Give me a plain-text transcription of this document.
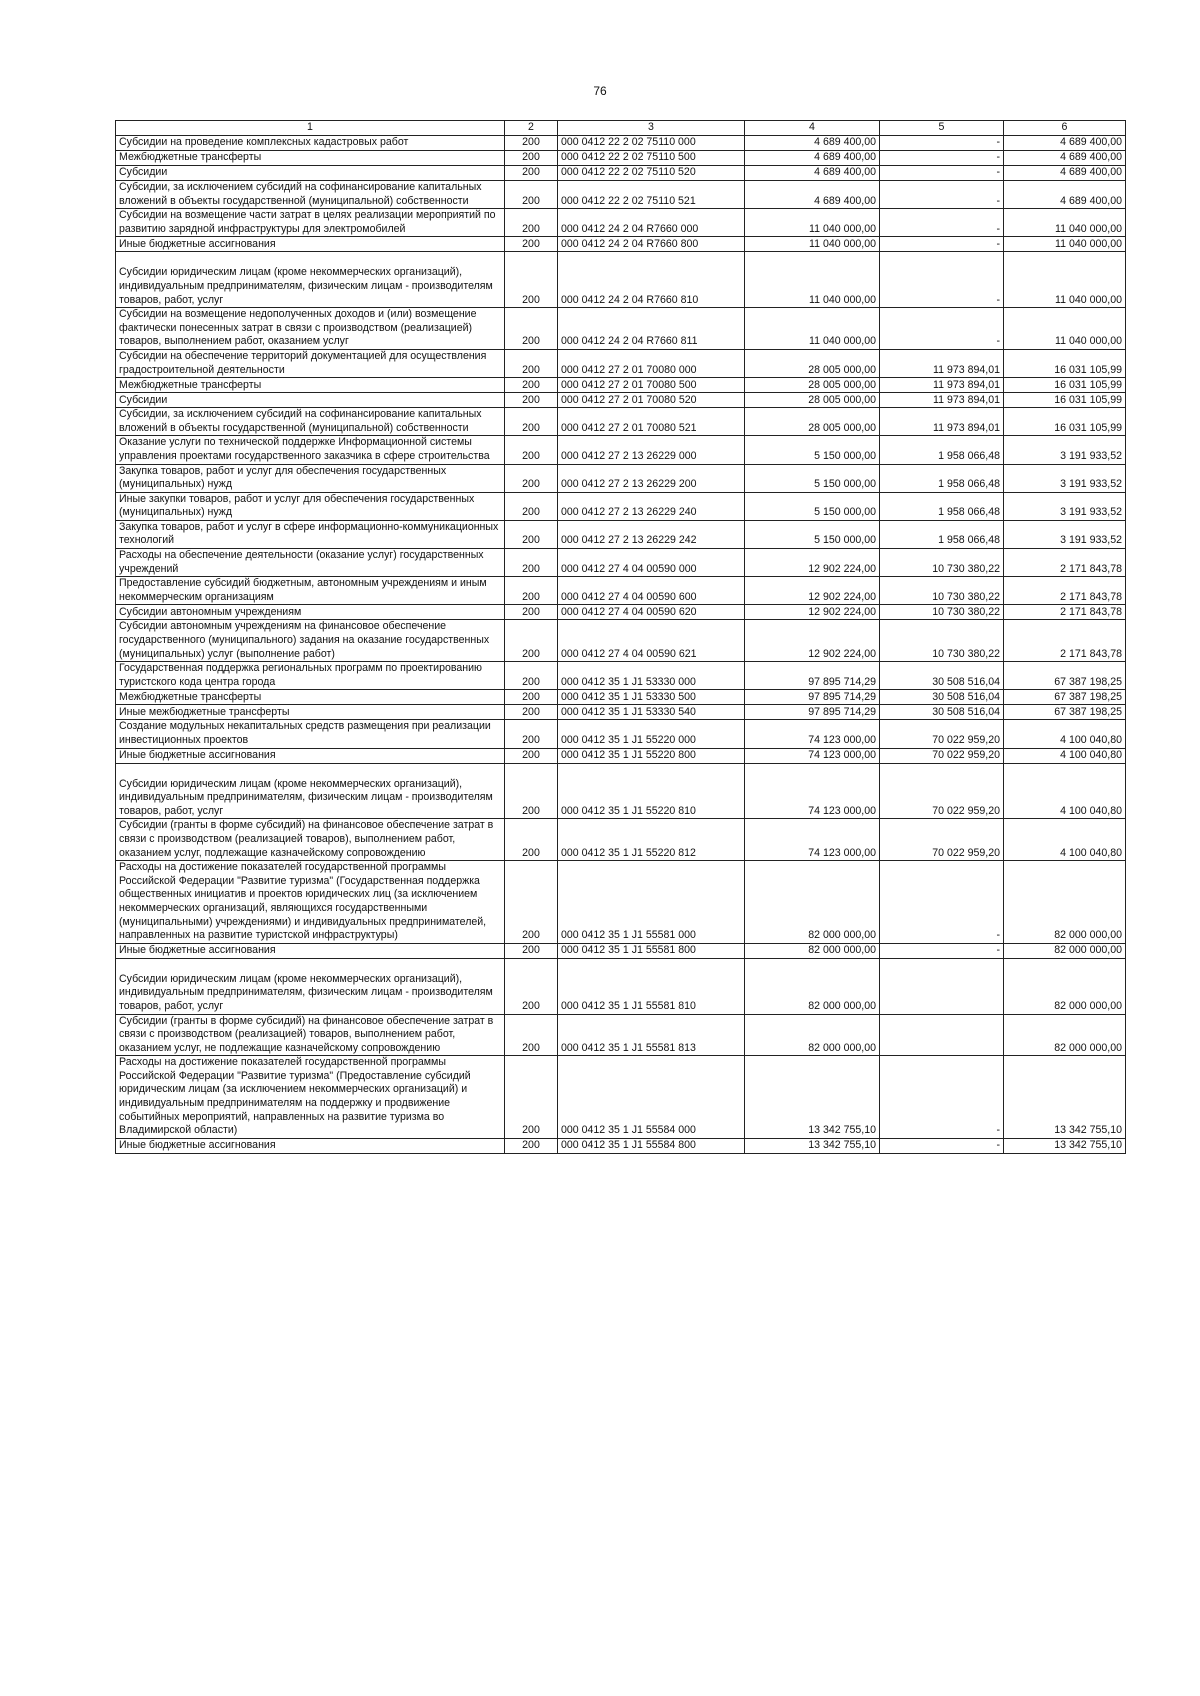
76
1	2	3	4	5	6
Субсидии на проведение комплексных кадастровых работ	200	000 0412 22 2 02 75110 000	4 689 400,00	-	4 689 400,00
Межбюджетные трансферты	200	000 0412 22 2 02 75110 500	4 689 400,00	-	4 689 400,00
Субсидии	200	000 0412 22 2 02 75110 520	4 689 400,00	-	4 689 400,00
Субсидии, за исключением субсидий на софинансирование капитальных вложений в объекты государственной (муниципальной) собственности	200	000 0412 22 2 02 75110 521	4 689 400,00	-	4 689 400,00
Субсидии на возмещение части затрат в целях реализации мероприятий по развитию зарядной инфраструктуры для электромобилей	200	000 0412 24 2 04 R7660 000	11 040 000,00	-	11 040 000,00
Иные бюджетные ассигнования	200	000 0412 24 2 04 R7660 800	11 040 000,00	-	11 040 000,00
Субсидии юридическим лицам (кроме некоммерческих организаций), индивидуальным предпринимателям, физическим лицам - производителям товаров, работ, услуг	200	000 0412 24 2 04 R7660 810	11 040 000,00	-	11 040 000,00
Субсидии на возмещение недополученных доходов и (или) возмещение фактически понесенных затрат в связи с производством (реализацией) товаров, выполнением работ, оказанием услуг	200	000 0412 24 2 04 R7660 811	11 040 000,00	-	11 040 000,00
Субсидии на обеспечение территорий документацией для осуществления градостроительной деятельности	200	000 0412 27 2 01 70080 000	28 005 000,00	11 973 894,01	16 031 105,99
Межбюджетные трансферты	200	000 0412 27 2 01 70080 500	28 005 000,00	11 973 894,01	16 031 105,99
Субсидии	200	000 0412 27 2 01 70080 520	28 005 000,00	11 973 894,01	16 031 105,99
Субсидии, за исключением субсидий на софинансирование капитальных вложений в объекты государственной (муниципальной) собственности	200	000 0412 27 2 01 70080 521	28 005 000,00	11 973 894,01	16 031 105,99
Оказание услуги по технической поддержке Информационной системы управления проектами государственного заказчика в сфере строительства	200	000 0412 27 2 13 26229 000	5 150 000,00	1 958 066,48	3 191 933,52
Закупка товаров, работ и услуг для обеспечения государственных (муниципальных) нужд	200	000 0412 27 2 13 26229 200	5 150 000,00	1 958 066,48	3 191 933,52
Иные закупки товаров, работ и услуг для обеспечения государственных (муниципальных) нужд	200	000 0412 27 2 13 26229 240	5 150 000,00	1 958 066,48	3 191 933,52
Закупка товаров, работ и услуг в сфере информационно-коммуникационных технологий	200	000 0412 27 2 13 26229 242	5 150 000,00	1 958 066,48	3 191 933,52
Расходы на обеспечение деятельности (оказание услуг) государственных учреждений	200	000 0412 27 4 04 00590 000	12 902 224,00	10 730 380,22	2 171 843,78
Предоставление субсидий бюджетным, автономным учреждениям и иным некоммерческим организациям	200	000 0412 27 4 04 00590 600	12 902 224,00	10 730 380,22	2 171 843,78
Субсидии автономным учреждениям	200	000 0412 27 4 04 00590 620	12 902 224,00	10 730 380,22	2 171 843,78
Субсидии автономным учреждениям на финансовое обеспечение государственного (муниципального) задания на оказание государственных (муниципальных) услуг (выполнение работ)	200	000 0412 27 4 04 00590 621	12 902 224,00	10 730 380,22	2 171 843,78
Государственная поддержка региональных программ по проектированию туристского кода центра города	200	000 0412 35 1 J1 53330 000	97 895 714,29	30 508 516,04	67 387 198,25
Межбюджетные трансферты	200	000 0412 35 1 J1 53330 500	97 895 714,29	30 508 516,04	67 387 198,25
Иные межбюджетные трансферты	200	000 0412 35 1 J1 53330 540	97 895 714,29	30 508 516,04	67 387 198,25
Создание модульных некапитальных средств размещения при реализации инвестиционных проектов	200	000 0412 35 1 J1 55220 000	74 123 000,00	70 022 959,20	4 100 040,80
Иные бюджетные ассигнования	200	000 0412 35 1 J1 55220 800	74 123 000,00	70 022 959,20	4 100 040,80
Субсидии юридическим лицам (кроме некоммерческих организаций), индивидуальным предпринимателям, физическим лицам - производителям товаров, работ, услуг	200	000 0412 35 1 J1 55220 810	74 123 000,00	70 022 959,20	4 100 040,80
Субсидии (гранты в форме субсидий) на финансовое обеспечение затрат в связи с производством (реализацией товаров), выполнением работ, оказанием услуг, подлежащие казначейскому сопровождению	200	000 0412 35 1 J1 55220 812	74 123 000,00	70 022 959,20	4 100 040,80
Расходы на достижение показателей государственной программы Российской Федерации "Развитие туризма" (Государственная поддержка общественных инициатив и проектов юридических лиц (за исключением некоммерческих организаций, являющихся государственными (муниципальными) учреждениями) и индивидуальных предпринимателей, направленных на развитие туристской инфраструктуры)	200	000 0412 35 1 J1 55581 000	82 000 000,00	-	82 000 000,00
Иные бюджетные ассигнования	200	000 0412 35 1 J1 55581 800	82 000 000,00	-	82 000 000,00
Субсидии юридическим лицам (кроме некоммерческих организаций), индивидуальным предпринимателям, физическим лицам - производителям товаров, работ, услуг	200	000 0412 35 1 J1 55581 810	82 000 000,00		82 000 000,00
Субсидии (гранты в форме субсидий) на финансовое обеспечение затрат в связи с производством (реализацией) товаров, выполнением работ, оказанием услуг, не подлежащие казначейскому сопровождению	200	000 0412 35 1 J1 55581 813	82 000 000,00		82 000 000,00
Расходы на достижение показателей государственной программы Российской Федерации "Развитие туризма" (Предоставление субсидий юридическим лицам (за исключением некоммерческих организаций) и индивидуальным предпринимателям на поддержку и продвижение событийных мероприятий, направленных на развитие туризма во Владимирской области)	200	000 0412 35 1 J1 55584 000	13 342 755,10	-	13 342 755,10
Иные бюджетные ассигнования	200	000 0412 35 1 J1 55584 800	13 342 755,10	-	13 342 755,10
